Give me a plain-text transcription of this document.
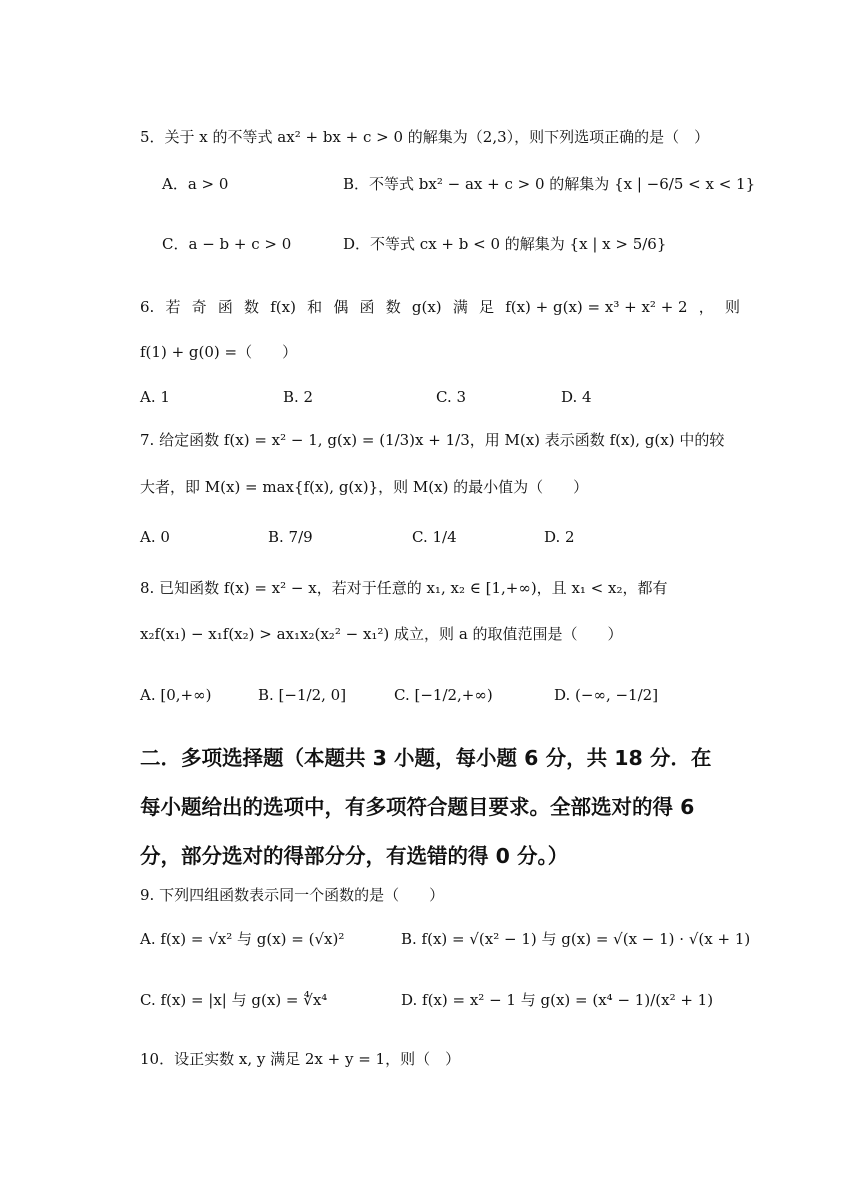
5．关于 x 的不等式 ax² + bx + c > 0 的解集为（2,3），则下列选项正确的是（　）
A．a > 0	B．不等式 bx² − ax + c > 0 的解集为 {x | −6/5 < x < 1}
C．a − b + c > 0	D．不等式 cx + b < 0 的解集为 {x | x > 5/6}
6. 若 奇 函 数 f(x) 和 偶 函 数 g(x) 满 足 f(x) + g(x) = x³ + x² + 2 ， 则
f(1) + g(0) =（　　）
A. 1	B. 2	C. 3	D. 4
7. 给定函数 f(x) = x² − 1, g(x) = (1/3)x + 1/3，用 M(x) 表示函数 f(x), g(x) 中的较
大者，即 M(x) = max{f(x), g(x)}，则 M(x) 的最小值为（　　）
A. 0	B. 7/9	C. 1/4	D. 2
8. 已知函数 f(x) = x² − x，若对于任意的 x₁, x₂ ∈ [1,+∞)，且 x₁ < x₂，都有
x₂f(x₁) − x₁f(x₂) > ax₁x₂(x₂² − x₁²) 成立，则 a 的取值范围是（　　）
A. [0,+∞)	B. [−1/2, 0]	C. [−1/2,+∞)	D. (−∞, −1/2]
二．多项选择题（本题共 3 小题，每小题 6 分，共 18 分．在
每小题给出的选项中，有多项符合题目要求。全部选对的得 6
分，部分选对的得部分分，有选错的得 0 分。）
9. 下列四组函数表示同一个函数的是（　　）
A. f(x) = √x² 与 g(x) = (√x)²	B. f(x) = √(x² − 1) 与 g(x) = √(x − 1) · √(x + 1)
C. f(x) = |x| 与 g(x) = ∜x⁴	D. f(x) = x² − 1 与 g(x) = (x⁴ − 1)/(x² + 1)
10．设正实数 x, y 满足 2x + y = 1，则（　）
